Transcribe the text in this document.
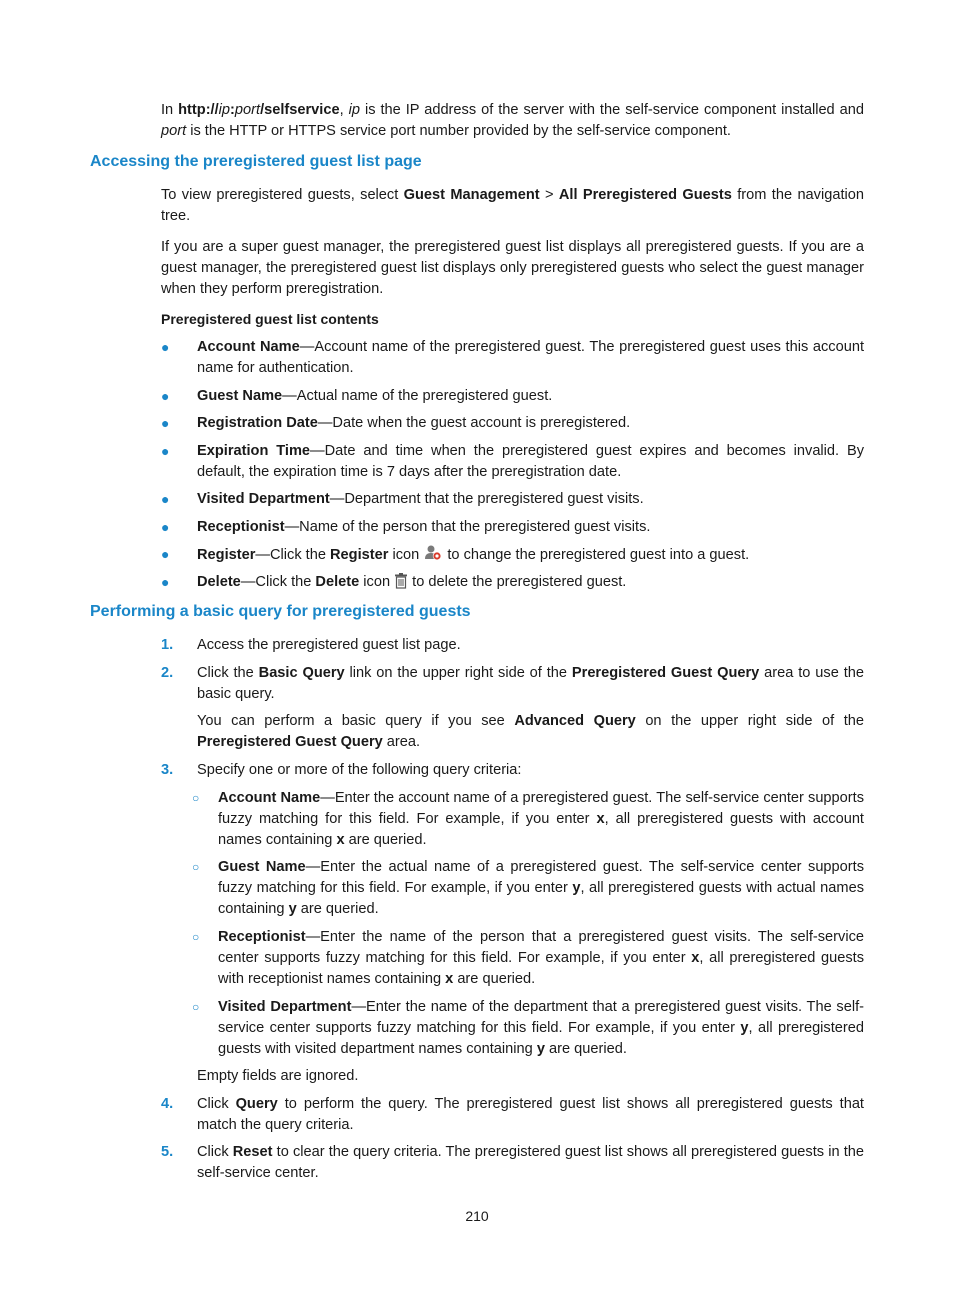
In http://ip:port/selfservice, ip is the IP address of the server with the self-service component installed and port is the HTTP or HTTPS service port number provided by the self-service component.

Accessing the preregistered guest list page

To view preregistered guests, select Guest Management > All Preregistered Guests from the navigation tree.

If you are a super guest manager, the preregistered guest list displays all preregistered guests. If you are a guest manager, the preregistered guest list displays only preregistered guests who select the guest manager when they perform preregistration.

Preregistered guest list contents

● Account Name—Account name of the preregistered guest. The preregistered guest uses this account name for authentication.
● Guest Name—Actual name of the preregistered guest.
● Registration Date—Date when the guest account is preregistered.
● Expiration Time—Date and time when the preregistered guest expires and becomes invalid. By default, the expiration time is 7 days after the preregistration date.
● Visited Department—Department that the preregistered guest visits.
● Receptionist—Name of the person that the preregistered guest visits.
● Register—Click the Register icon  to change the preregistered guest into a guest.
● Delete—Click the Delete icon  to delete the preregistered guest.
Performing a basic query for preregistered guests
1. Access the preregistered guest list page.
2. Click the Basic Query link on the upper right side of the Preregistered Guest Query area to use the basic query.
You can perform a basic query if you see Advanced Query on the upper right side of the Preregistered Guest Query area.
3. Specify one or more of the following query criteria:
○ Account Name—Enter the account name of a preregistered guest. The self-service center supports fuzzy matching for this field. For example, if you enter x, all preregistered guests with account names containing x are queried.
○ Guest Name—Enter the actual name of a preregistered guest. The self-service center supports fuzzy matching for this field. For example, if you enter y, all preregistered guests with actual names containing y are queried.
○ Receptionist—Enter the name of the person that a preregistered guest visits. The self-service center supports fuzzy matching for this field. For example, if you enter x, all preregistered guests with receptionist names containing x are queried.
○ Visited Department—Enter the name of the department that a preregistered guest visits. The self-service center supports fuzzy matching for this field. For example, if you enter y, all preregistered guests with visited department names containing y are queried.
Empty fields are ignored.
4. Click Query to perform the query. The preregistered guest list shows all preregistered guests that match the query criteria.
5. Click Reset to clear the query criteria. The preregistered guest list shows all preregistered guests in the self-service center.
210
